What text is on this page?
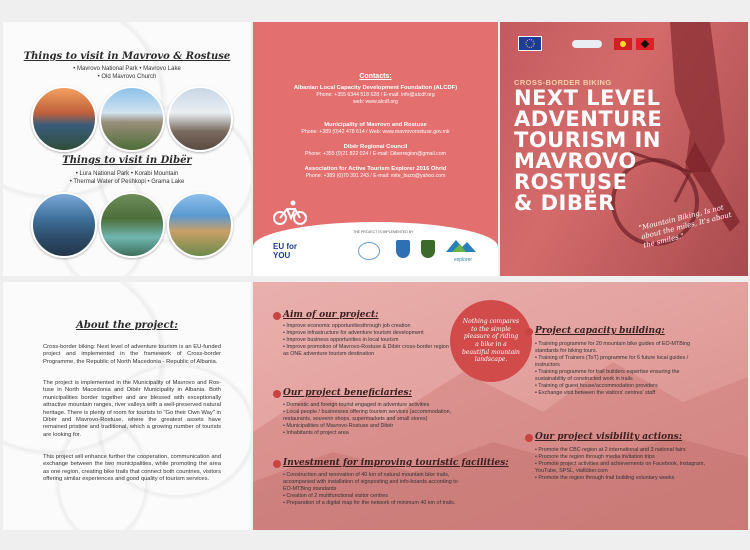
Things to visit in Mavrovo & Rostuse
• Mavrovo National Park • Mavrovo Lake
• Old Mavrovo Church
Things to visit in Dibër
• Lura National Park • Korabi Mountain
• Thermal Water of Peshkopi • Grama Lake
Contacts:
Albanian Local Capacity Development Foundation (ALCDF)
Phone: +355 6344 518 628 / E-mail: info@alcdf.org
web: www.alcdf.org
Municipality of Mavrovo and Rostuse
Phone: +389 (0)42 478 614 / Web: www.mavrovorostuse.gov.mk
Dibër Regional Council
Phone: +355 (0)21 822 024 / E-mail: Diberregion@gmail.com
Association for Active Tourism Explorer 2016 Ohrid
Phone: +389 (0)70 391 243 / E-mail: mite_buzo@yahoo.com
THE PROJECT IS IMPLEMENTED BY
EU for YOU	explorer
CROSS-BORDER BIKING
NEXT LEVEL
ADVENTURE
TOURISM IN
MAVROVO
ROSTUSE
& DIBËR
"Mountain Biking, Is not about the miles, It's about the smiles."
About the project:
Cross-border biking: Next level of adventure tourism is an EU-funded project and implemented in the framework of Cross-border Programme, the Republic of North Macedonia - Republic of Albania.
The project is implemented in the Municipality of Mavrovo and Ros-tuse in North Macedonia and Dibër Municipality in Albania. Both municipalities border together and are blessed with exceptionally attractive mountain ranges, river valleys with a well-preserved natural heritage. There is plenty of room for tourists to "Go their Own Way" in Dibër and Mavrovo-Rostuse, where the greatest assets have remained pristine and traditional, which a growing number of tourists are looking for.
This project will enhance further the cooperation, communication and exchange between the two municipalities, while promoting the area as one region, creating bike trails that connect both countries, visitors offering similar experiences and good quality of tourism services.
Aim of our project:
• Improve economic opportunitiesthrough job creation
• Improve infrastructure for adventure tourism development
• Improve business opportunities in local tourism
• Improve promotion of Mavrovo-Rostuse & Dibër cross-border region as ONE adventure tourism destination
Nothing compares to the simple pleasure of riding a bike in a beautiful mountain landscape.
Our project beneficiaries:
• Domestic and foreign tourist engaged in adventure activities
• Local people / businesses offering tourism services (accommodation, restaurants, souvenir shops, supermarkets and small stores)
• Municipalities of Mavrovo-Rostuse and Dibër
• Inhabitants of project area
Investment for improving touristic facilities:
• Construction and renovation of 40 km of natural mountain bike trails, accompanied with installation of signposting and info-boards according to EO-MTBing standards
• Creation of 2 multifunctional visitor centres
• Preparation of a digital map for the network of minimum 40 km of trails.
Project capacity building:
• Training programme for 20 mountain bike guides of EO-MTBing standards for biking tours.
• Training of Trainers (ToT) programme for 6 future local guides / instructors
• Training programme for trail builders expertise ensuring the sustainability of constructed work in trails
• Training of guest house/accommodation providers
• Exchange visit between the visitors' centres' staff
Our project visibility actions:
• Promote the CBC region at 2 international and 3 national fairs
• Promote the region through media invitation trips
• Promote project activities and achievements on Facebook, Instagram, YouTube, SPSL, viatlüber.com
• Promote the region through trail building voluntary weeks
